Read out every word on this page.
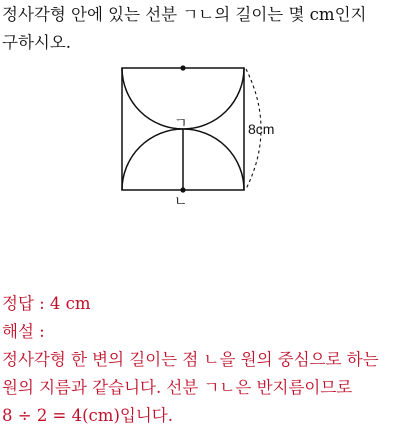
정사각형 안에 있는 선분 ㄱㄴ의 길이는 몇 cm인지
구하시오.
8cm
ㄱ
ㄴ
정답 : 4 cm
해설 :
정사각형 한 변의 길이는 점 ㄴ을 원의 중심으로 하는
원의 지름과 같습니다. 선분 ㄱㄴ은 반지름이므로
8 ÷ 2 = 4(cm)입니다.
